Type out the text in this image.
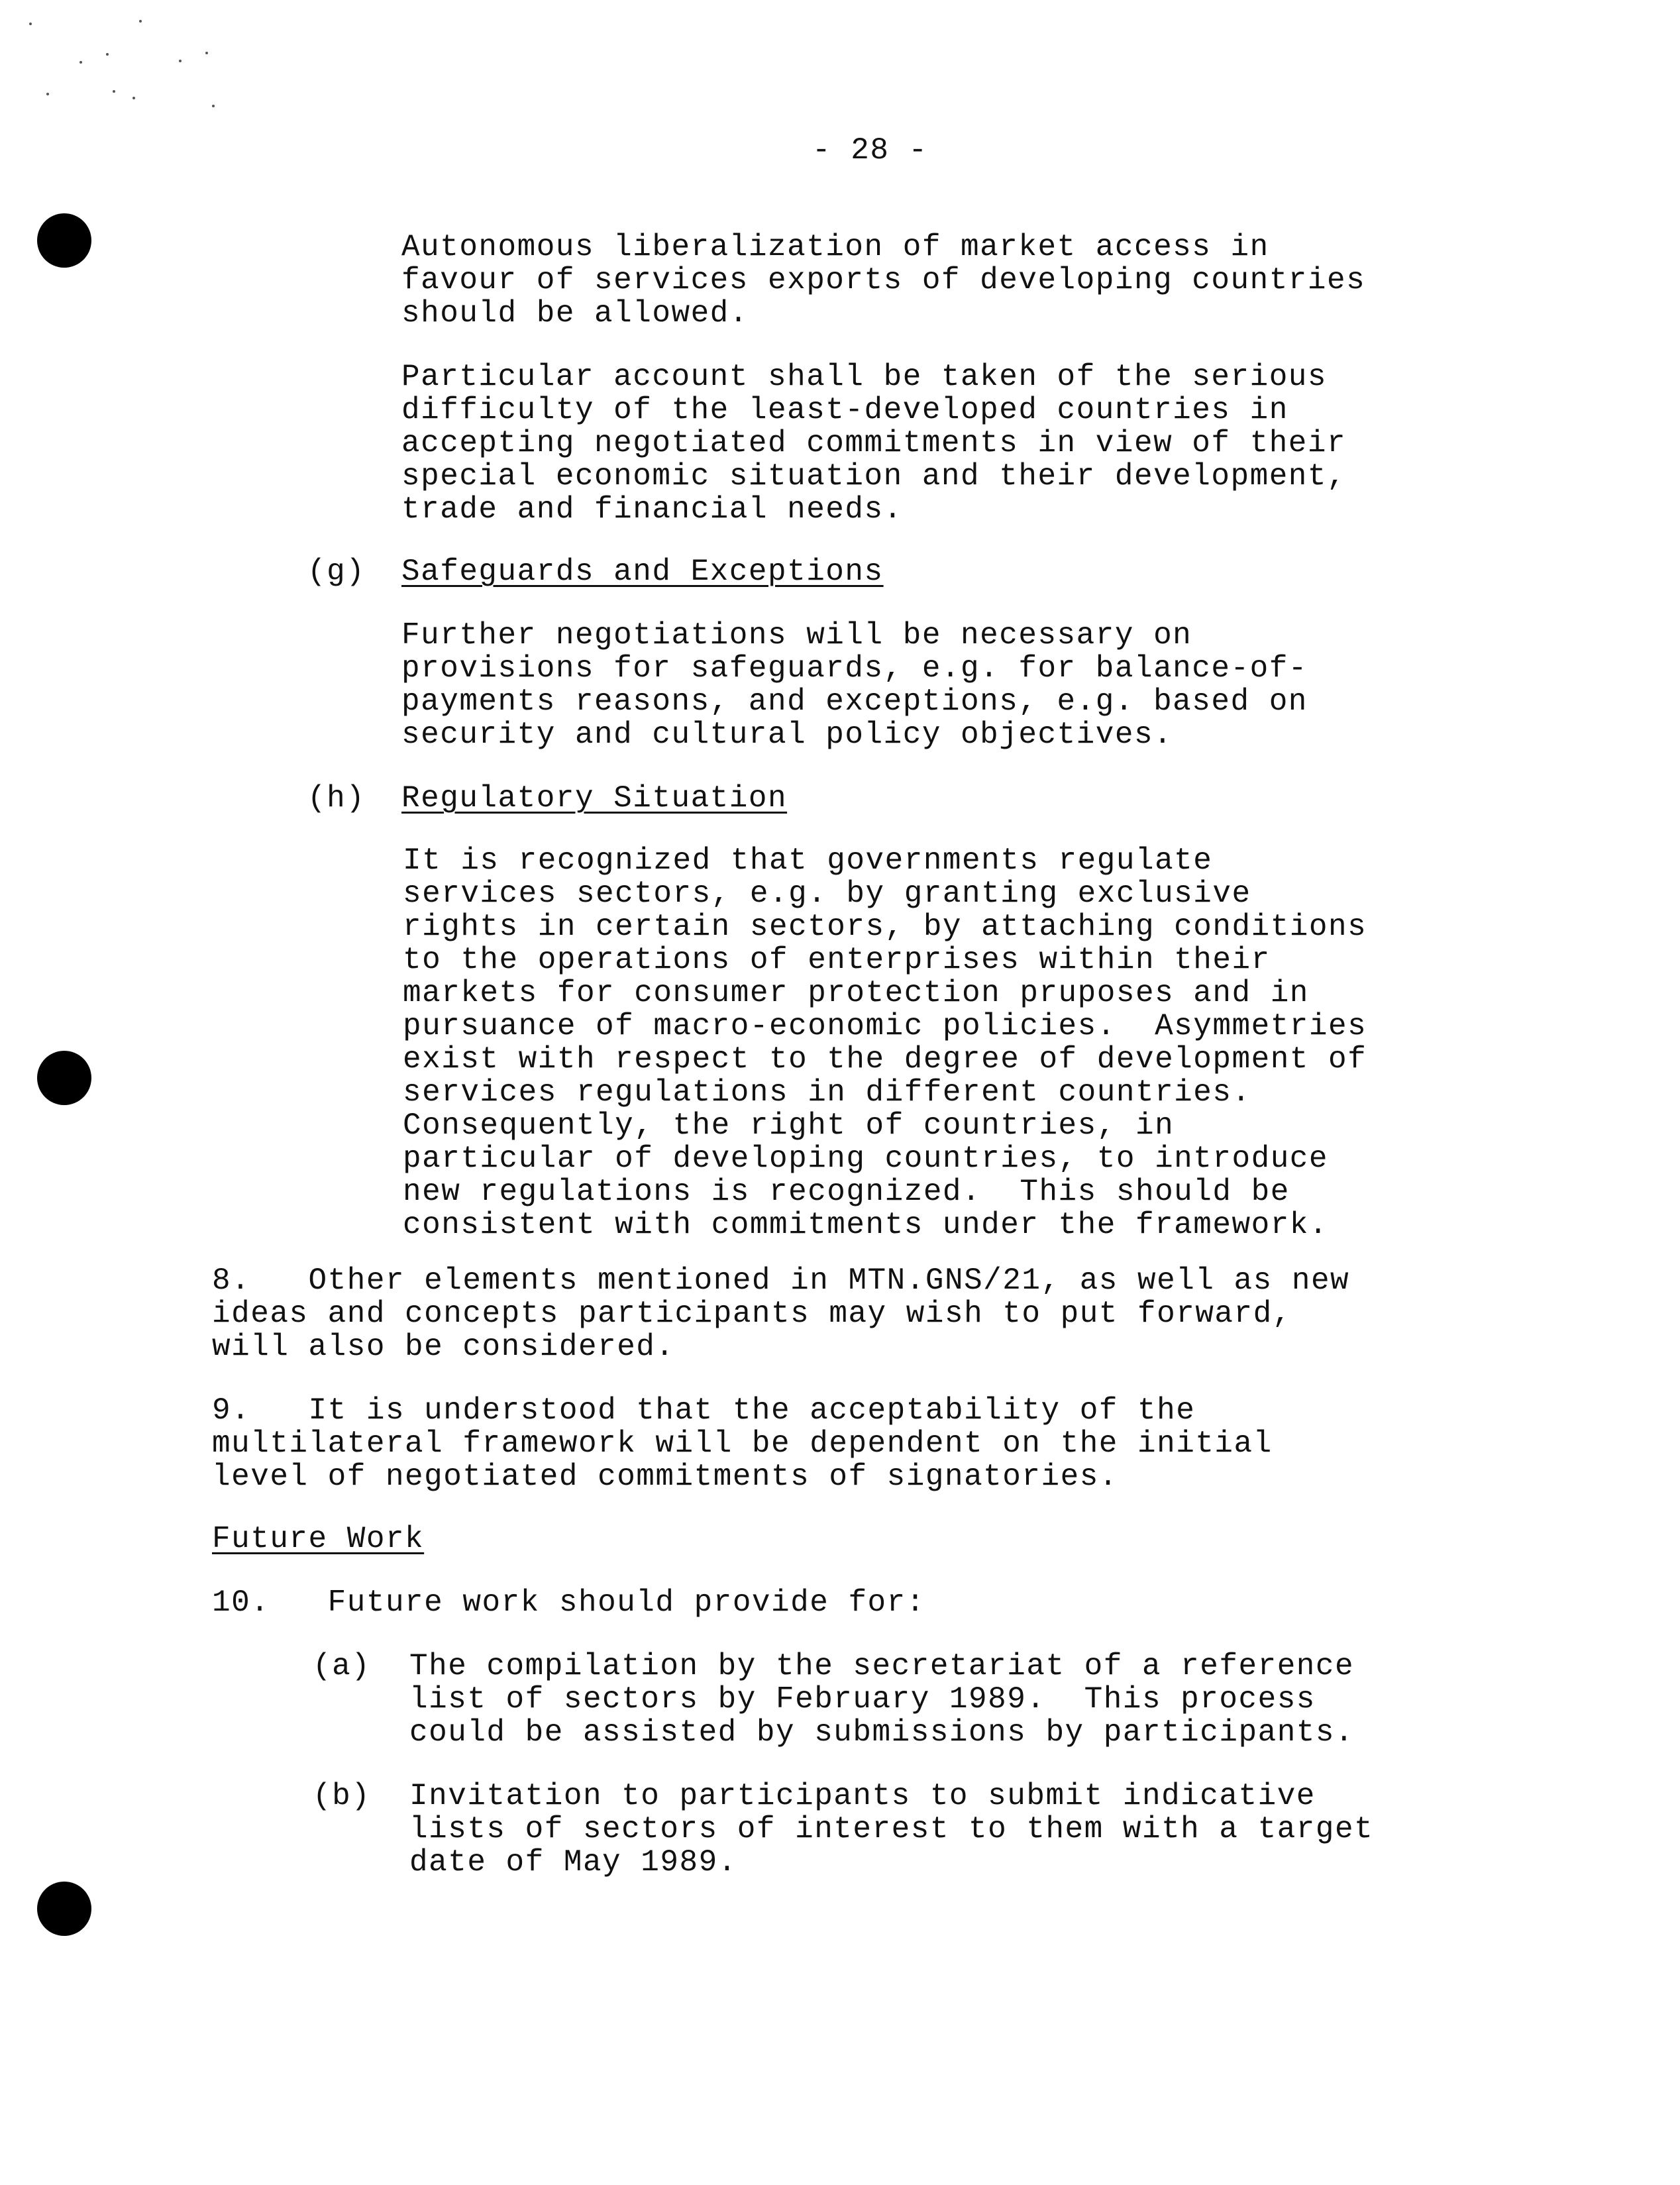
- 28 -

Autonomous liberalization of market access in

favour of services exports of developing countries

should be allowed.

Particular account shall be taken of the serious

difficulty of the least-developed countries in

accepting negotiated commitments in view of their

special economic situation and their development,

trade and financial needs.

(g) Safeguards and Exceptions

Further negotiations will be necessary on

provisions for safeguards, e.g. for balance-of-

payments reasons, and exceptions, e.g. based on

security and cultural policy objectives.

(h) Regulatory Situation

It is recognized that governments regulate

services sectors, e.g. by granting exclusive

rights in certain sectors, by attaching conditions

to the operations of enterprises within their

markets for consumer protection pruposes and in

pursuance of macro-economic policies.  Asymmetries

exist with respect to the degree of development of

services regulations in different countries.

Consequently, the right of countries, in

particular of developing countries, to introduce

new regulations is recognized.  This should be

consistent with commitments under the framework.

8.   Other elements mentioned in MTN.GNS/21, as well as new

ideas and concepts participants may wish to put forward,

will also be considered.

9.   It is understood that the acceptability of the

multilateral framework will be dependent on the initial

level of negotiated commitments of signatories.

Future Work

10.   Future work should provide for:

(a) The compilation by the secretariat of a reference

list of sectors by February 1989.  This process

could be assisted by submissions by participants.

(b) Invitation to participants to submit indicative

lists of sectors of interest to them with a target

date of May 1989.
